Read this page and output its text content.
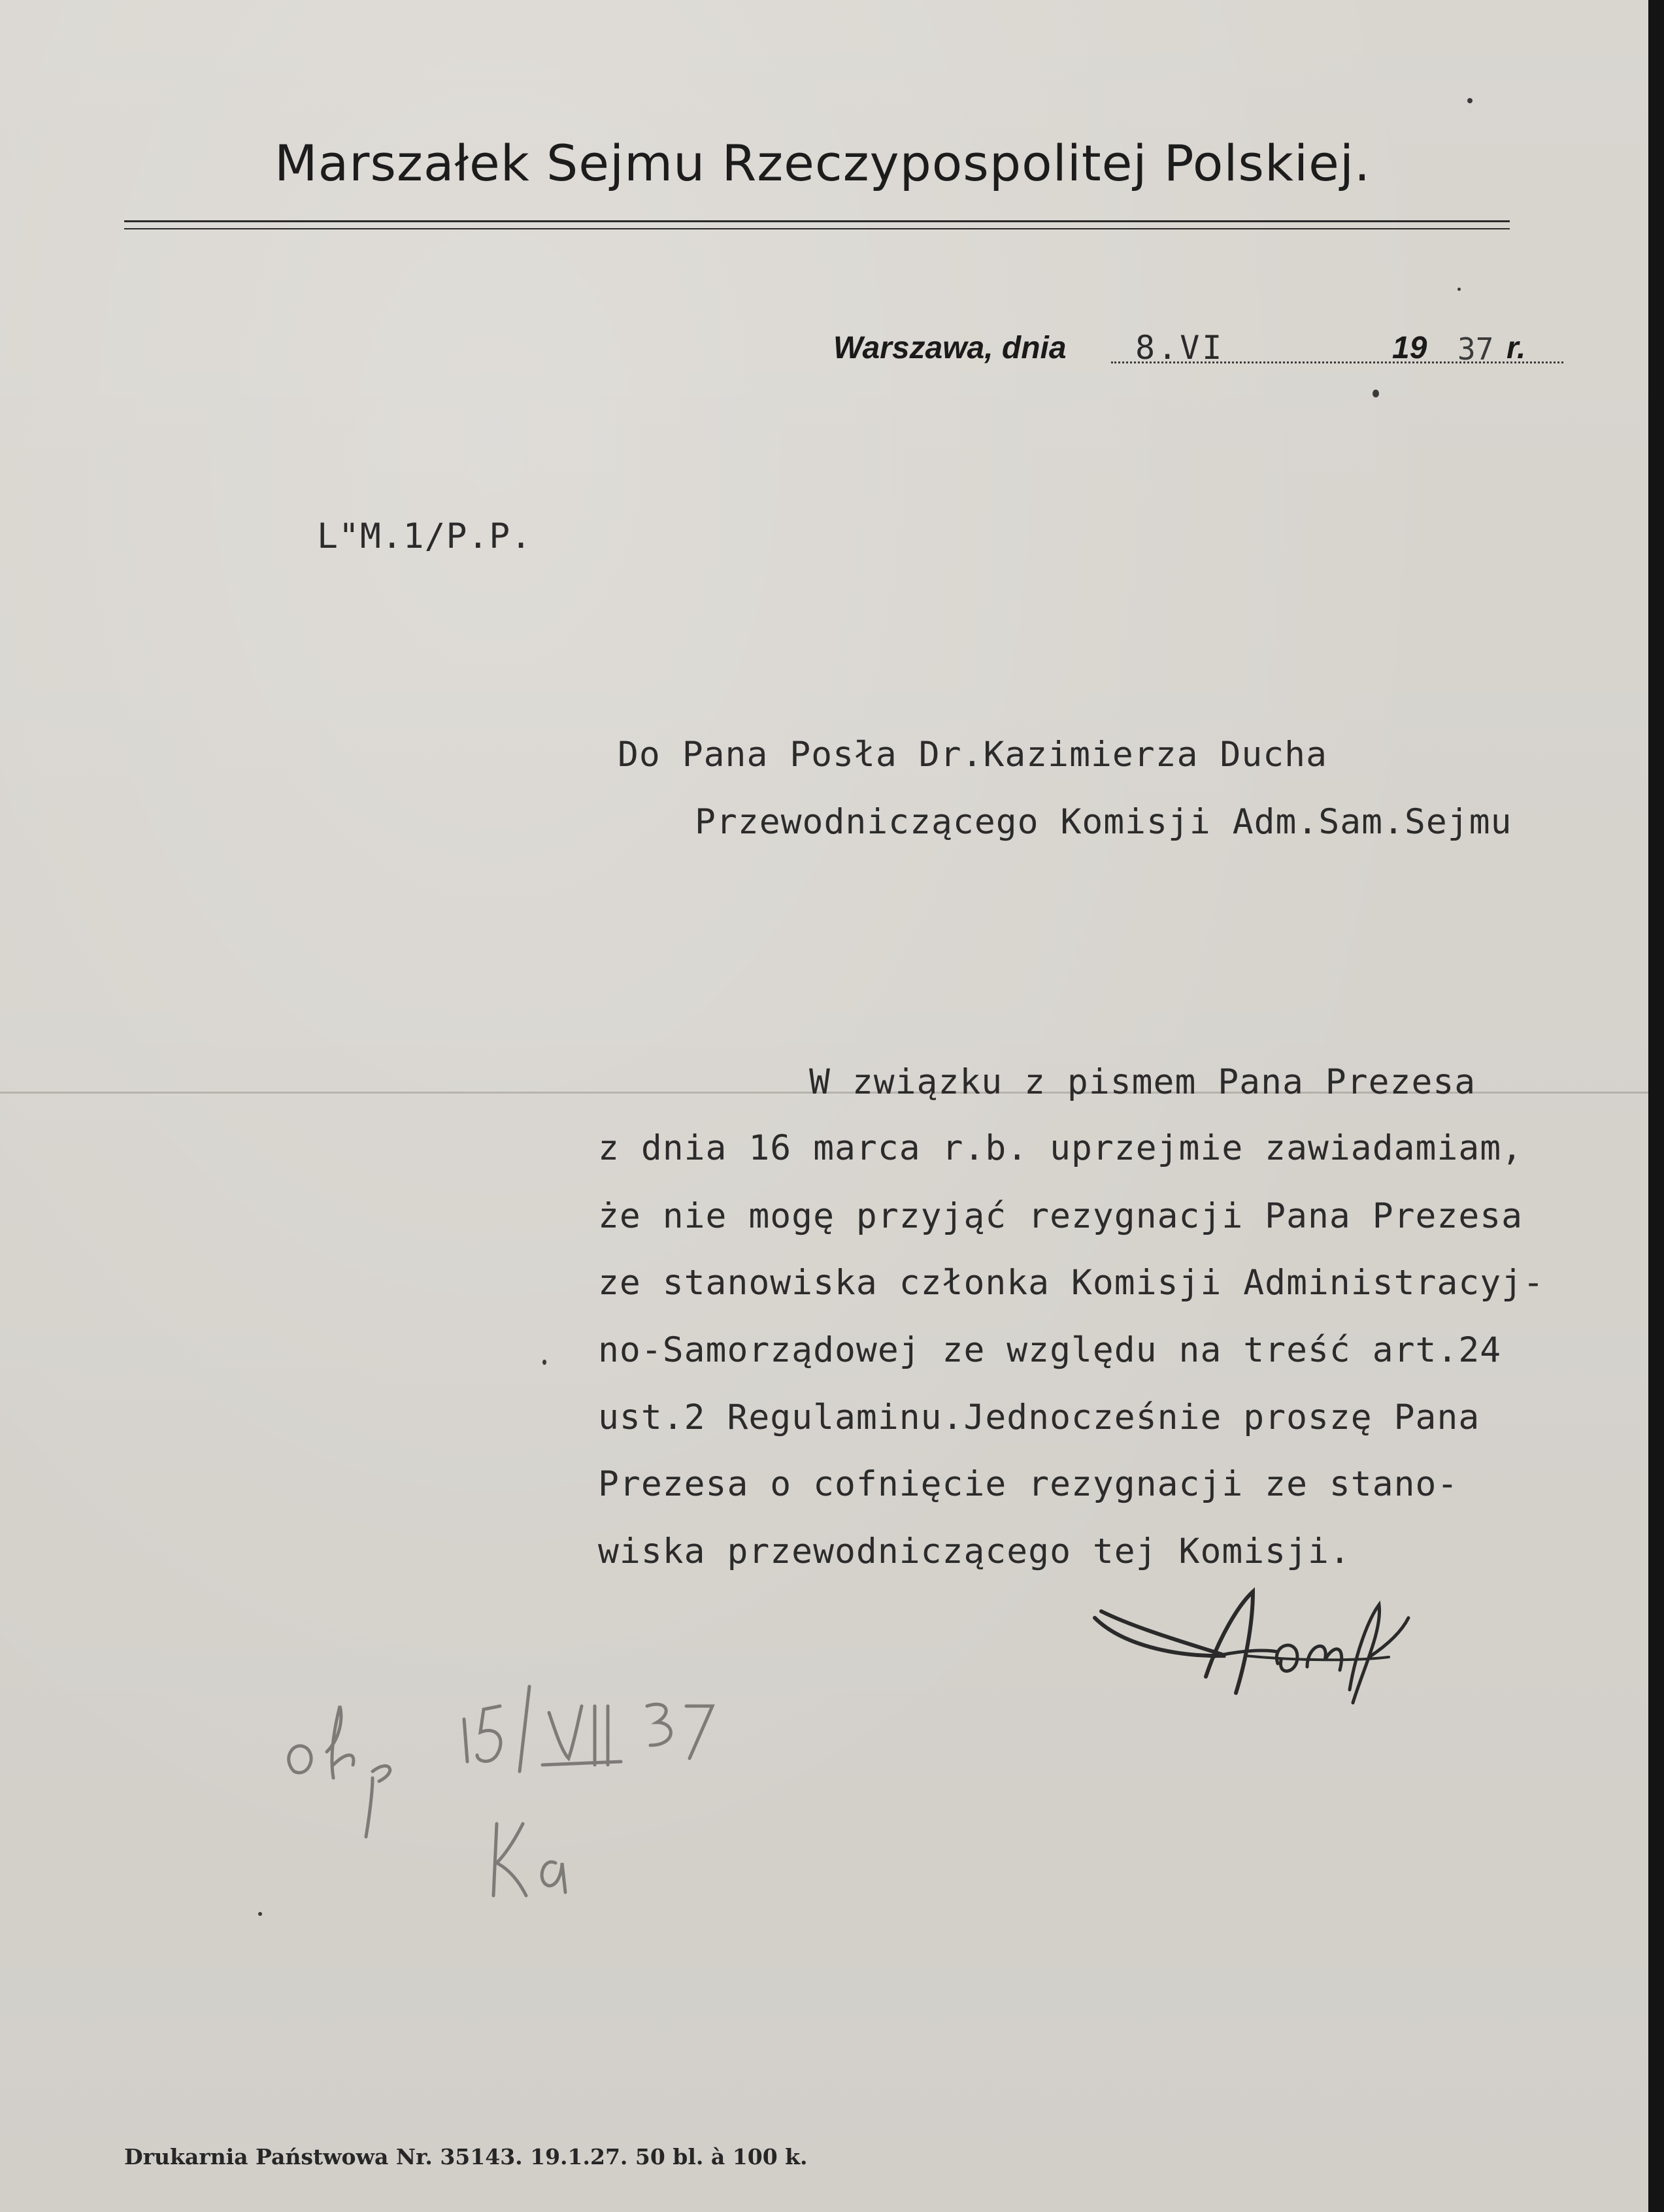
Marszałek Sejmu Rzeczypospolitej Polskiej.
Warszawa, dnia 8.VI	19 37 r.
L"M.1/P.P.
Do Pana Posła Dr.Kazimierza Ducha
Przewodniczącego Komisji Adm.Sam.Sejmu
W związku z pismem Pana Prezesa
z dnia 16 marca r.b. uprzejmie zawiadamiam,
że nie mogę przyjąć rezygnacji Pana Prezesa
ze stanowiska członka Komisji Administracyj-
no-Samorządowej ze względu na treść art.24
ust.2 Regulaminu.Jednocześnie proszę Pana
Prezesa o cofnięcie rezygnacji ze stano-
wiska przewodniczącego tej Komisji.
Drukarnia Państwowa Nr. 35143. 19.1.27. 50 bl. à 100 k.
